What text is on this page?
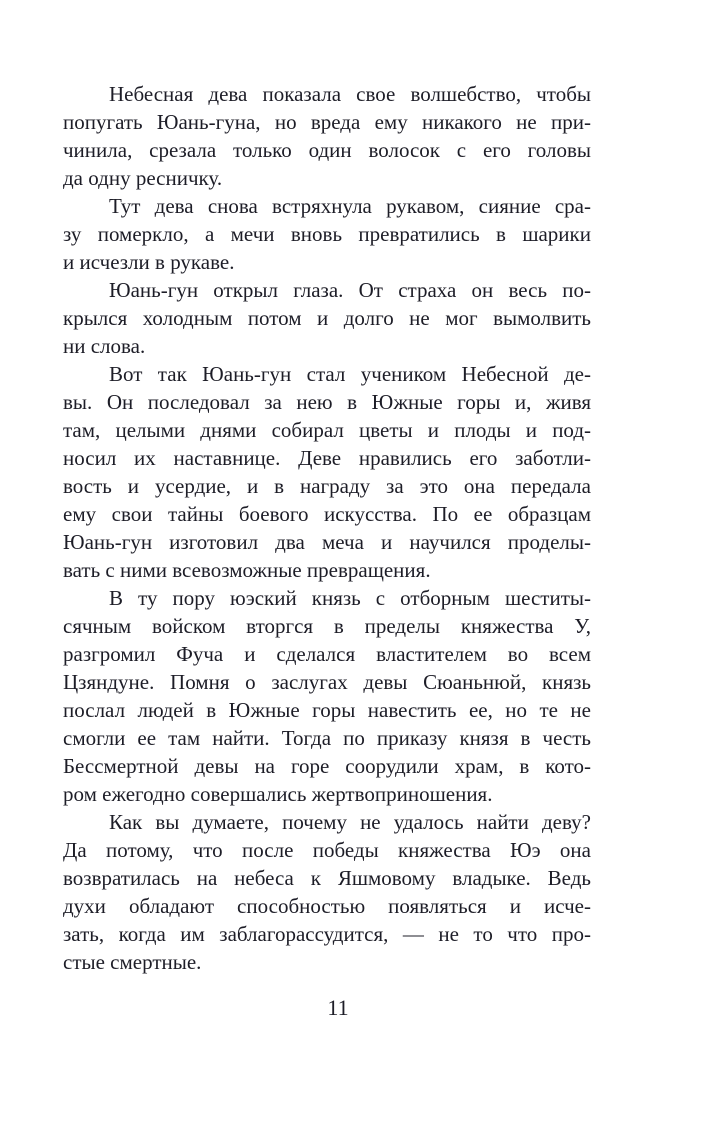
Небесная дева показала свое волшебство, чтобы
попугать Юань-гуна, но вреда ему никакого не при-
чинила, срезала только один волосок с его головы
да одну ресничку.
Тут дева снова встряхнула рукавом, сияние сра-
зу померкло, а мечи вновь превратились в шарики
и исчезли в рукаве.
Юань-гун открыл глаза. От страха он весь по-
крылся холодным потом и долго не мог вымолвить
ни слова.
Вот так Юань-гун стал учеником Небесной де-
вы. Он последовал за нею в Южные горы и, живя
там, целыми днями собирал цветы и плоды и под-
носил их наставнице. Деве нравились его заботли-
вость и усердие, и в награду за это она передала
ему свои тайны боевого искусства. По ее образцам
Юань-гун изготовил два меча и научился проделы-
вать с ними всевозможные превращения.
В ту пору юэский князь с отборным шеститы-
сячным войском вторгся в пределы княжества У,
разгромил Фуча и сделался властителем во всем
Цзяндуне. Помня о заслугах девы Сюаньнюй, князь
послал людей в Южные горы навестить ее, но те не
смогли ее там найти. Тогда по приказу князя в честь
Бессмертной девы на горе соорудили храм, в кото-
ром ежегодно совершались жертвоприношения.
Как вы думаете, почему не удалось найти деву?
Да потому, что после победы княжества Юэ она
возвратилась на небеса к Яшмовому владыке. Ведь
духи обладают способностью появляться и исче-
зать, когда им заблагорассудится, — не то что про-
стые смертные.
11
